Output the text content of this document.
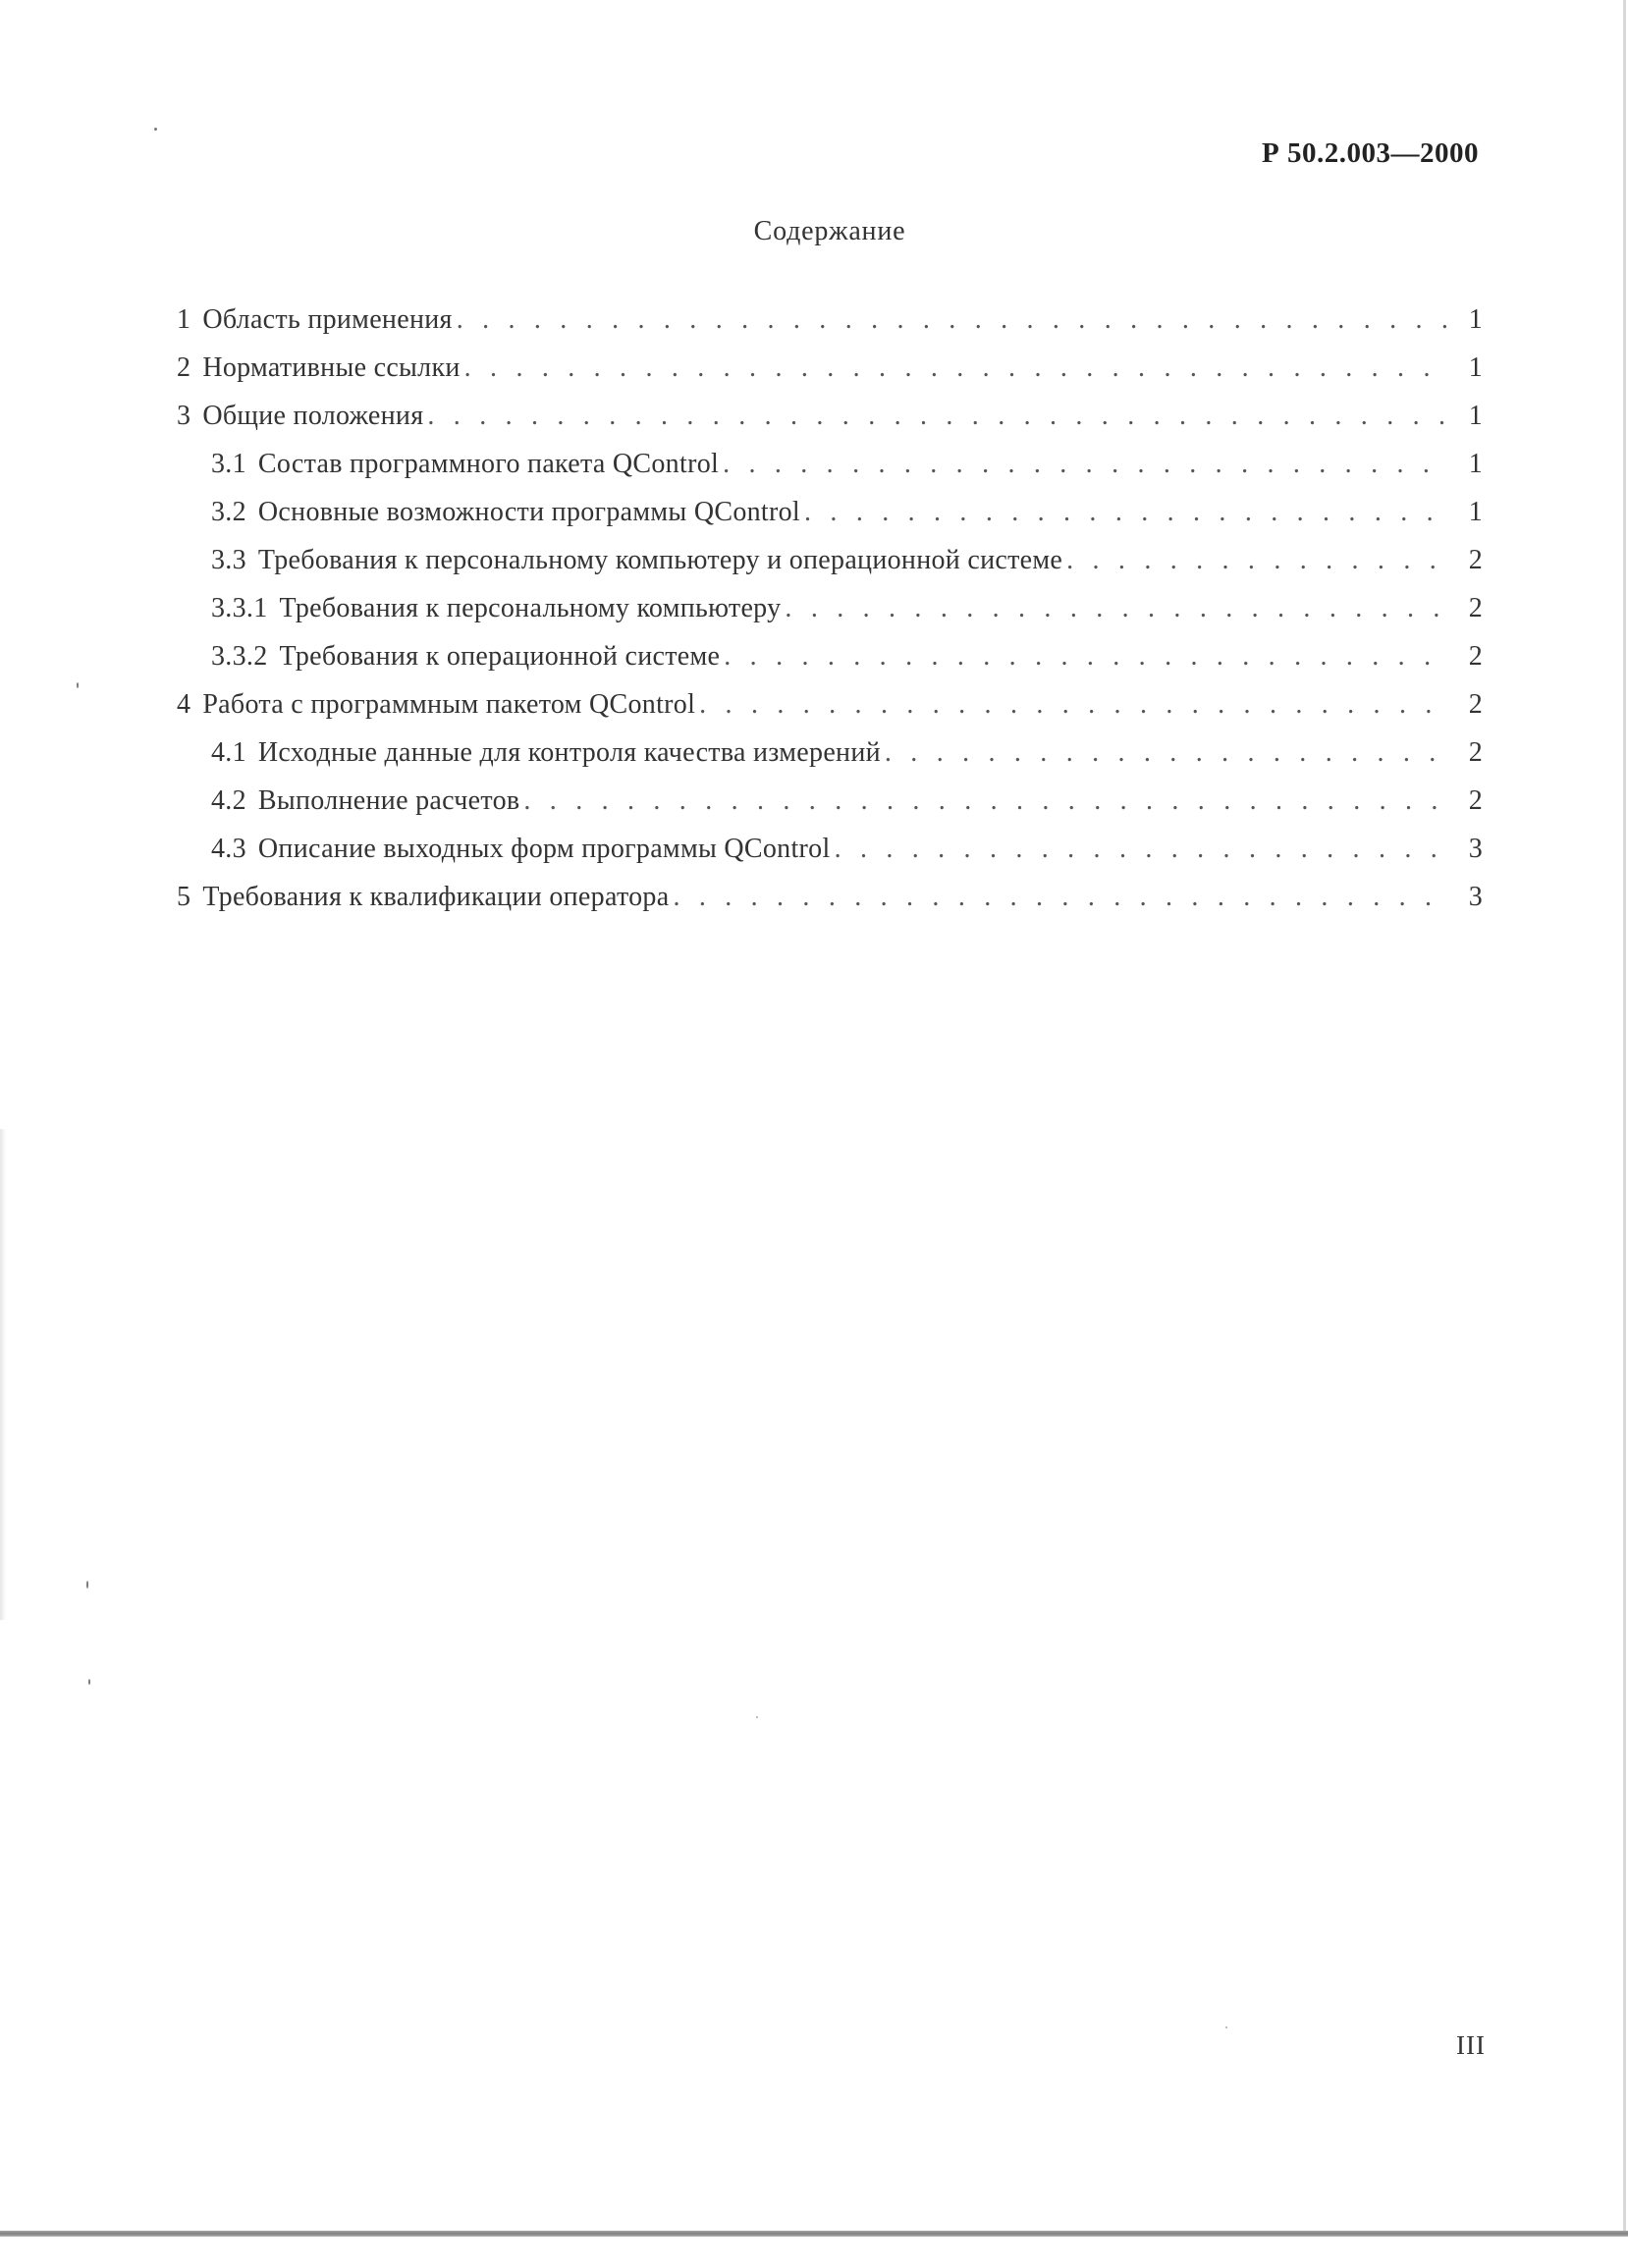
Р 50.2.003—2000
Содержание
1 Область применения . . .	1
2 Нормативные ссылки . . .	1
3 Общие положения . . .	1
3.1 Состав программного пакета QControl . . .	1
3.2 Основные возможности программы QControl . . .	1
3.3 Требования к персональному компьютеру и операционной системе . . .	2
3.3.1 Требования к персональному компьютеру . . .	2
3.3.2 Требования к операционной системе . . .	2
4 Работа с программным пакетом QControl . . .	2
4.1 Исходные данные для контроля качества измерений . . .	2
4.2 Выполнение расчетов . . .	2
4.3 Описание выходных форм программы QControl . . .	3
5 Требования к квалификации оператора . . .	3
III
